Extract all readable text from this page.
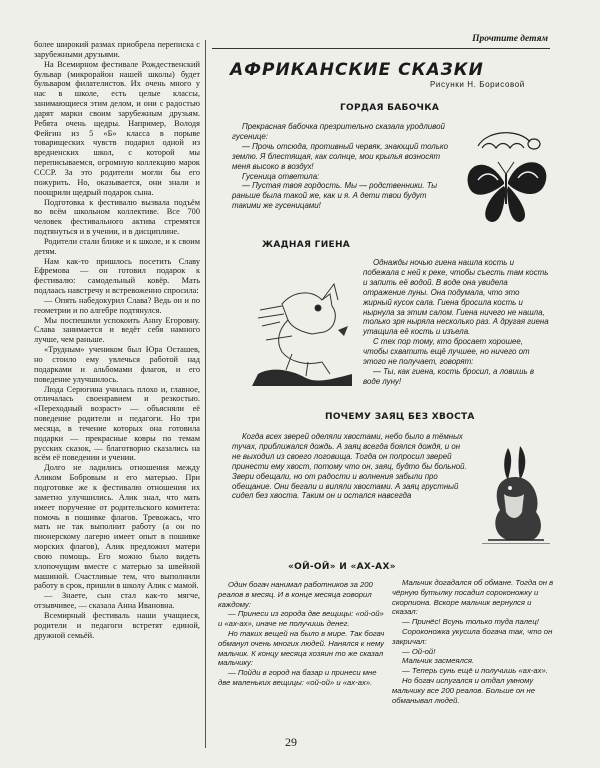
более широкий размах приобрела переписка с зарубежными друзьями.

На Всемирном фестивале Рождественский бульвар (микрорайон нашей школы) будет бульваром филателистов. Их очень много у нас в школе, есть целые классы, занимающиеся этим делом, и они с радостью дарят марки своим зарубежным друзьям. Ребята очень щедры. Например, Володя Фейгин из 5 «Б» класса в порыве товарищеских чувств подарил одной из вредненских школ, с которой мы переписываемся, огромную коллекцию марок СССР. За это родители могли бы его пожурить. Но, оказывается, они знали и поощрили щедрый подарок сына.

Подготовка к фестивалю вызвала подъём во всём школьном коллективе. Все 700 человек фестивального актива стремятся подтянуться и в учении, и в дисциплине.

Родители стали ближе и к школе, и к своим детям.

Нам как-то пришлось посетить Славу Ефремова — он готовил подарок к фестивалю: самодельный ковёр. Мать подлаась навстречу и встревоженно спросила:

— Опять набедокурил Слава? Ведь он и по геометрии и по алгебре подтянулся.

Мы поспешили успокоить Анну Егоровну. Слава занимается и ведёт себя намного лучше, чем раньше.

«Трудным» учеником был Юра Осташев, но стоило ему увлечься работой над подарками и альбомами флагов, и его поведение улучшилось.

Люда Серюгина училась плохо и, главное, отличалась своенравием и резкостью. «Переходный возраст» — объясняли её поведение родители и педагоги. Но три месяца, в течение которых она готовила подарки — прекрасные ковры по темам русских сказок, — благотворно сказались на всём её поведении и учении.

Долго не ладились отношения между Аликом Бобровым и его матерью. При подготовке же к фестивалю отношения их заметно улучшились. Алик знал, что мать имеет поручение от родительского комитета: помочь в пошивке флагов. Тревожась, что мать не так выполнит работу (а он по пионерскому лагерю имеет опыт в пошивке морских флагов), Алик предложил матери свою помощь. Его можно было видеть хлопочущим вместе с матерью за швейной машиной. Счастливые тем, что выполнили работу в срок, пришли в школу Алик с мамой.

— Знаете, сын стал как-то мягче, отзывчивее, — сказала Анна Ивановна.

Всемирный фестиваль наши учащиеся, родители и педагоги встретят единой, дружной семьёй.

Прочтите детям
АФРИКАНСКИЕ СКАЗКИ
Рисунки Н. Борисовой
ГОРДАЯ БАБОЧКА

Прекрасная бабочка презрительно сказала уродливой гусенице:

— Прочь отсюда, противный червяк, знающий только землю. Я блестящая, как солнце, мои крылья возносят меня высоко в воздух!

Гусеница ответила:

— Пустая твоя гордость. Мы — родственники. Ты раньше была такой же, как и я. А дети твои будут такими же гусеницами!

ЖАДНАЯ ГИЕНА

Однажды ночью гиена нашла кость и побежала с ней к реке, чтобы съесть там кость и запить её водой. В воде она увидела отражение луны. Она подумала, что это жирный кусок сала. Гиена бросила кость и нырнула за этим салом. Гиена ничего не нашла, только зря ныряла несколько раз. А другая гиена утащила её кость и изъела.

С тех пор тому, кто бросает хорошее, чтобы схватить ещё лучшее, но ничего от этого не получает, говорят:

— Ты, как гиена, кость бросил, а ловишь в воде луну!

ПОЧЕМУ ЗАЯЦ БЕЗ ХВОСТА

Когда всех зверей оделяли хвостами, небо было в тёмных тучах, приближался дождь. А заяц всегда боялся дождя, и он не выходил из своего логовища. Тогда он попросил зверей принести ему хвост, потому что он, заяц, будто бы больной. Звери обещали, но от радости и волнения забыли про обещание. Они бегали и виляли хвостами. А заяц грустный сидел без хвоста. Таким он и остался навсегда

«ОЙ-ОЙ» И «АХ-АХ»

Один богач нанимал работников за 200 реалов в месяц. И в конце месяца говорил каждому:

— Принеси из города две вещицы: «ой-ой» и «ах-ах», иначе не получишь денег.

Но таких вещей на было в мире. Так богач обманул очень многих людей. Нанялся к нему мальчик. К концу месяца хозяин то же сказал мальчику:

— Пойди в город на базар и принеси мне две маленьких вещицы: «ой-ой» и «ах-ах».

Мальчик догадался об обмане. Тогда он в чёрную бутылку посадил сороконожку и скорпиона. Вскоре мальчик вернулся и сказал:

— Принёс! Всунь только туда палец!

Сороконожка укусила богача так, что он закричал:

— Ой-ой!

Мальчик засмеялся.

— Теперь сунь ещё и получишь «ах-ах».

Но богач испугался и отдал умному мальчику все 200 реалов. Больше он не обманывал людей.

29
